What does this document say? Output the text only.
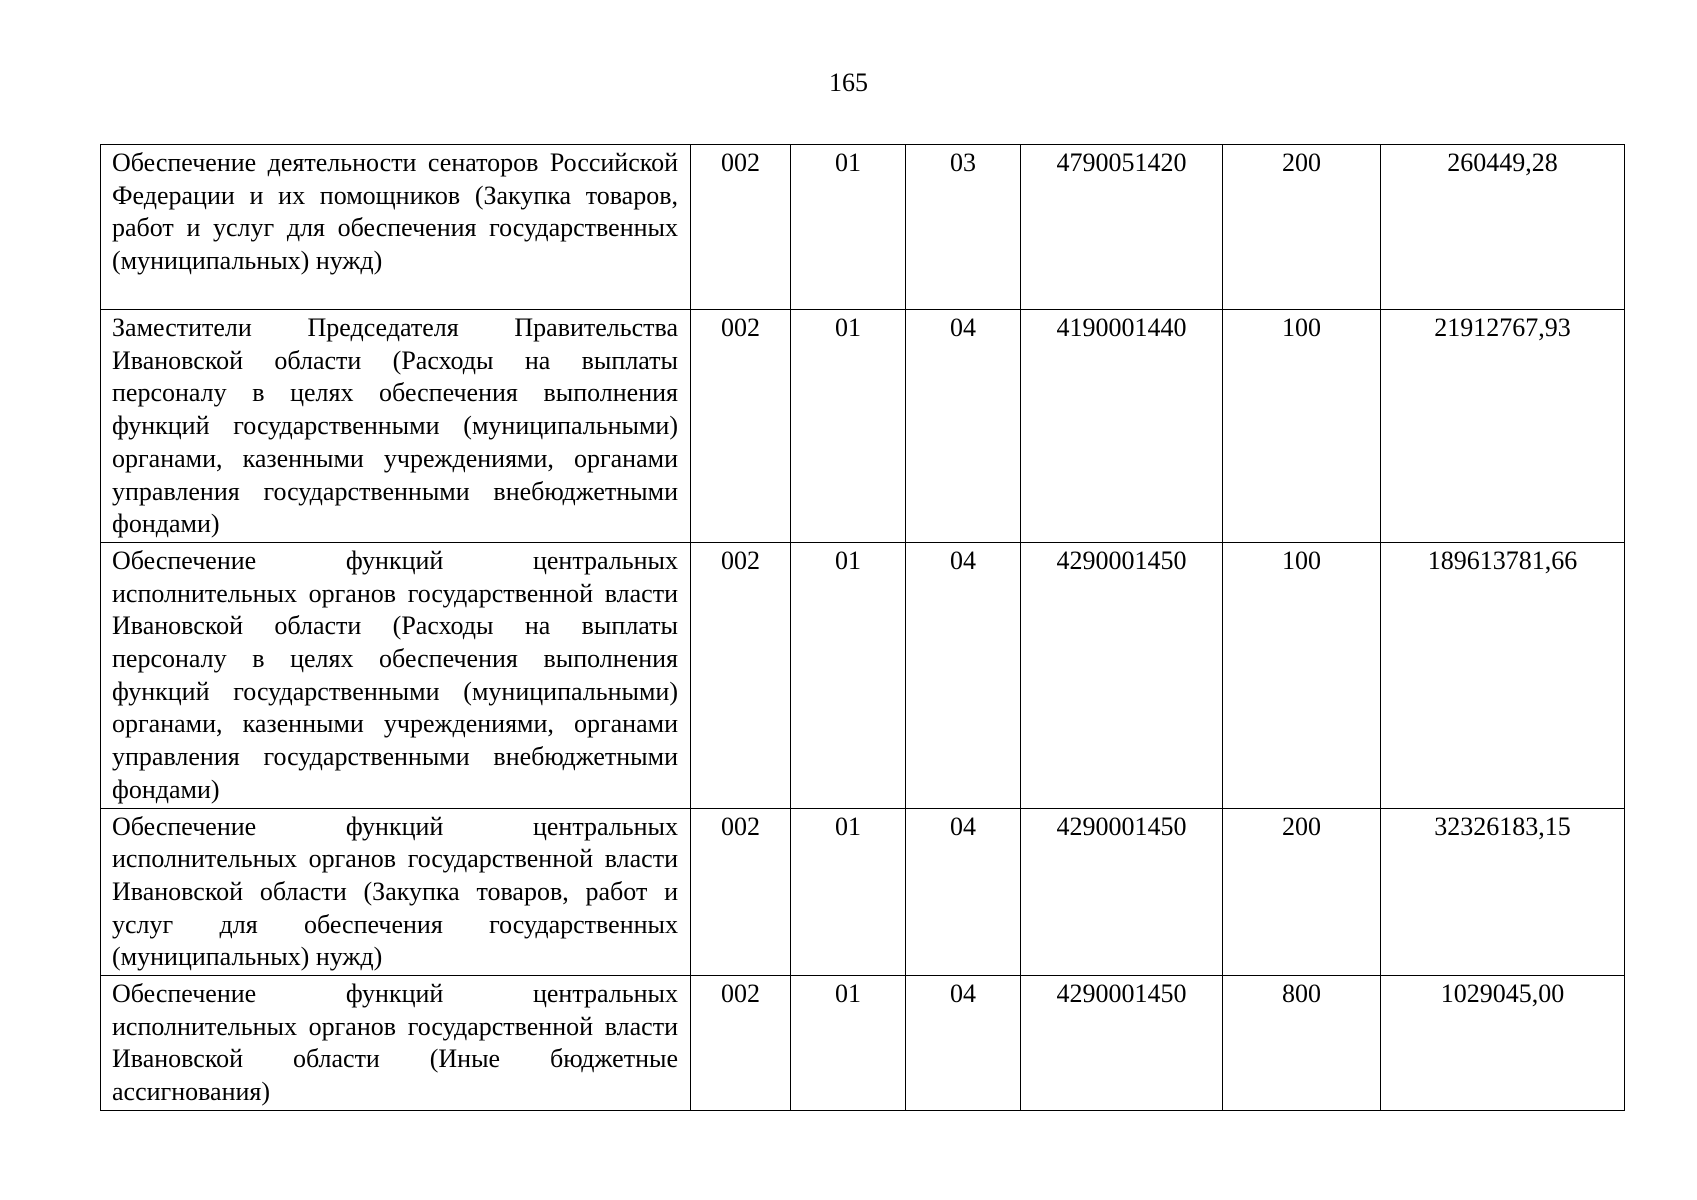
165
Обеспечение деятельности сенаторов Российской Федерации и их помощников (Закупка товаров, работ и услуг для обеспечения государственных (муниципальных) нужд)	002	01	03	4790051420	200	260449,28
Заместители Председателя Правительства Ивановской области (Расходы на выплаты персоналу в целях обеспечения выполнения функций государственными (муниципальными) органами, казенными учреждениями, органами управления государственными внебюджетными фондами)	002	01	04	4190001440	100	21912767,93
Обеспечение функций центральных исполнительных органов государственной власти Ивановской области (Расходы на выплаты персоналу в целях обеспечения выполнения функций государственными (муниципальными) органами, казенными учреждениями, органами управления государственными внебюджетными фондами)	002	01	04	4290001450	100	189613781,66
Обеспечение функций центральных исполнительных органов государственной власти Ивановской области (Закупка товаров, работ и услуг для обеспечения государственных (муниципальных) нужд)	002	01	04	4290001450	200	32326183,15
Обеспечение функций центральных исполнительных органов государственной власти Ивановской области (Иные бюджетные ассигнования)	002	01	04	4290001450	800	1029045,00
